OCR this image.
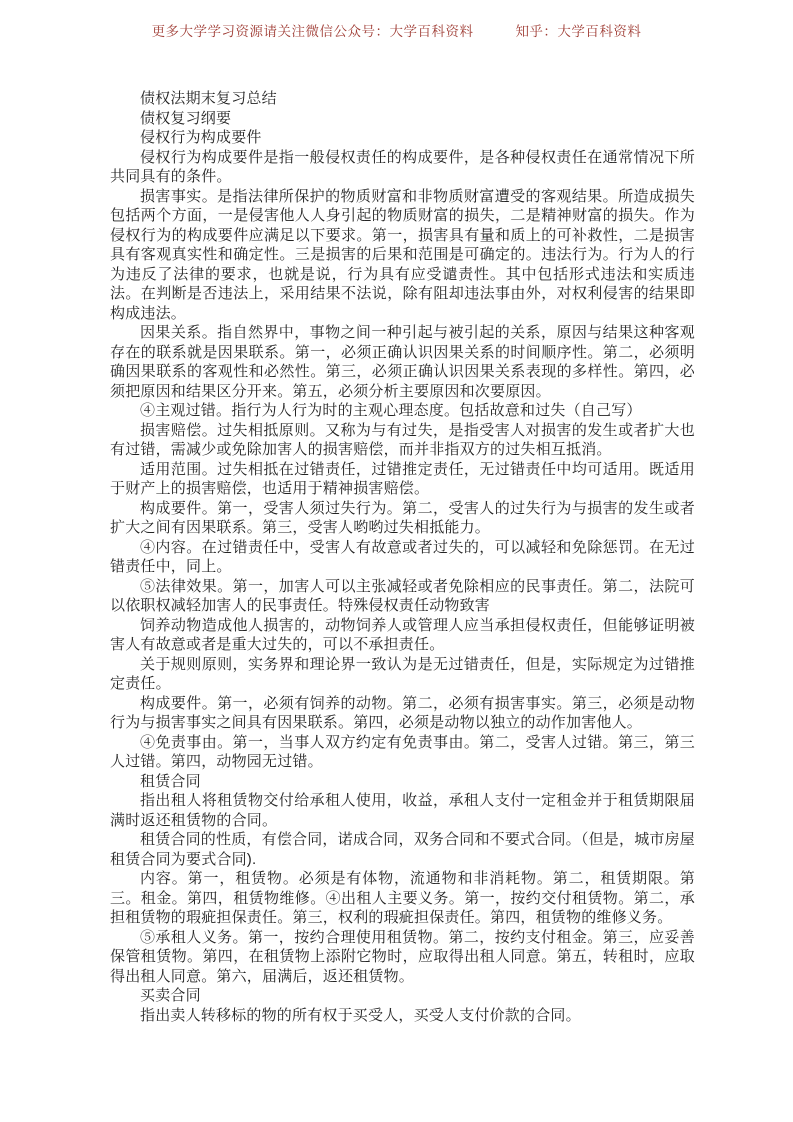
更多大学学习资源请关注微信公众号：大学百科资料	知乎：大学百科资料

债权法期末复习总结

债权复习纲要

侵权行为构成要件

侵权行为构成要件是指一般侵权责任的构成要件，是各种侵权责任在通常情况下所共同具有的条件。

损害事实。是指法律所保护的物质财富和非物质财富遭受的客观结果。所造成损失包括两个方面，一是侵害他人人身引起的物质财富的损失，二是精神财富的损失。作为侵权行为的构成要件应满足以下要求。第一，损害具有量和质上的可补救性，二是损害具有客观真实性和确定性。三是损害的后果和范围是可确定的。违法行为。行为人的行为违反了法律的要求，也就是说，行为具有应受谴责性。其中包括形式违法和实质违法。在判断是否违法上，采用结果不法说，除有阻却违法事由外，对权利侵害的结果即构成违法。

因果关系。指自然界中，事物之间一种引起与被引起的关系，原因与结果这种客观存在的联系就是因果联系。第一，必须正确认识因果关系的时间顺序性。第二，必须明确因果联系的客观性和必然性。第三，必须正确认识因果关系表现的多样性。第四，必须把原因和结果区分开来。第五，必须分析主要原因和次要原因。

④主观过错。指行为人行为时的主观心理态度。包括故意和过失（自己写）

损害赔偿。过失相抵原则。又称为与有过失，是指受害人对损害的发生或者扩大也有过错，需减少或免除加害人的损害赔偿，而并非指双方的过失相互抵消。

适用范围。过失相抵在过错责任，过错推定责任，无过错责任中均可适用。既适用于财产上的损害赔偿，也适用于精神损害赔偿。

构成要件。第一，受害人须过失行为。第二，受害人的过失行为与损害的发生或者扩大之间有因果联系。第三，受害人哟哟过失相抵能力。

④内容。在过错责任中，受害人有故意或者过失的，可以减轻和免除惩罚。在无过错责任中，同上。

⑤法律效果。第一，加害人可以主张减轻或者免除相应的民事责任。第二，法院可以依职权减轻加害人的民事责任。特殊侵权责任动物致害

饲养动物造成他人损害的，动物饲养人或管理人应当承担侵权责任，但能够证明被害人有故意或者是重大过失的，可以不承担责任。

关于规则原则，实务界和理论界一致认为是无过错责任，但是，实际规定为过错推定责任。

构成要件。第一，必须有饲养的动物。第二，必须有损害事实。第三，必须是动物行为与损害事实之间具有因果联系。第四，必须是动物以独立的动作加害他人。

④免责事由。第一，当事人双方约定有免责事由。第二，受害人过错。第三，第三人过错。第四，动物园无过错。

租赁合同

指出租人将租赁物交付给承租人使用，收益，承租人支付一定租金并于租赁期限届满时返还租赁物的合同。

租赁合同的性质，有偿合同，诺成合同，双务合同和不要式合同。（但是，城市房屋租赁合同为要式合同).

内容。第一，租赁物。必须是有体物，流通物和非消耗物。第二，租赁期限。第三。租金。第四，租赁物维修。④出租人主要义务。第一，按约交付租赁物。第二，承担租赁物的瑕疵担保责任。第三，权利的瑕疵担保责任。第四，租赁物的维修义务。

⑤承租人义务。第一，按约合理使用租赁物。第二，按约支付租金。第三，应妥善保管租赁物。第四，在租赁物上添附它物时，应取得出租人同意。第五，转租时，应取得出租人同意。第六，届满后，返还租赁物。

买卖合同

指出卖人转移标的物的所有权于买受人，买受人支付价款的合同。
